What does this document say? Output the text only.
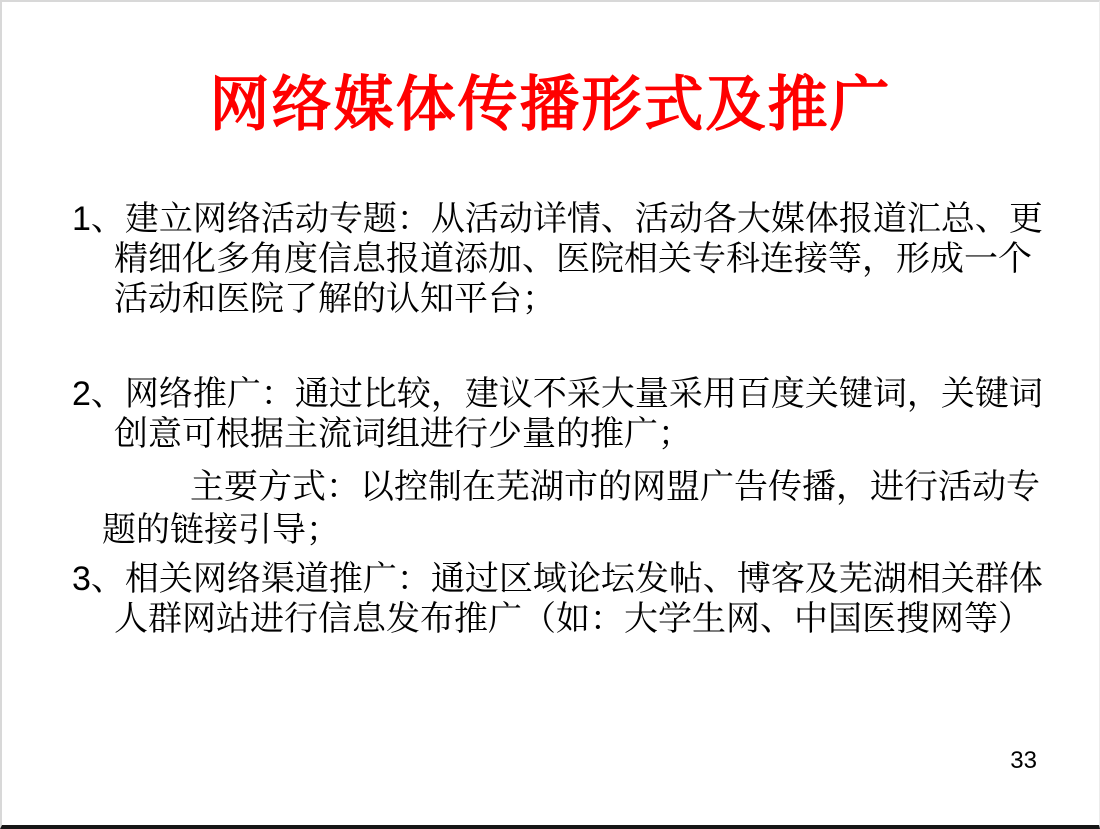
网络媒体传播形式及推广
1、建立网络活动专题：从活动详情、活动各大媒体报道汇总、更
精细化多角度信息报道添加、医院相关专科连接等，形成一个
活动和医院了解的认知平台；
2、网络推广：通过比较，建议不采大量采用百度关键词，关键词
创意可根据主流词组进行少量的推广；
主要方式：以控制在芜湖市的网盟广告传播，进行活动专
题的链接引导；
3、相关网络渠道推广：通过区域论坛发帖、博客及芜湖相关群体
人群网站进行信息发布推广（如：大学生网、中国医搜网等）
33
